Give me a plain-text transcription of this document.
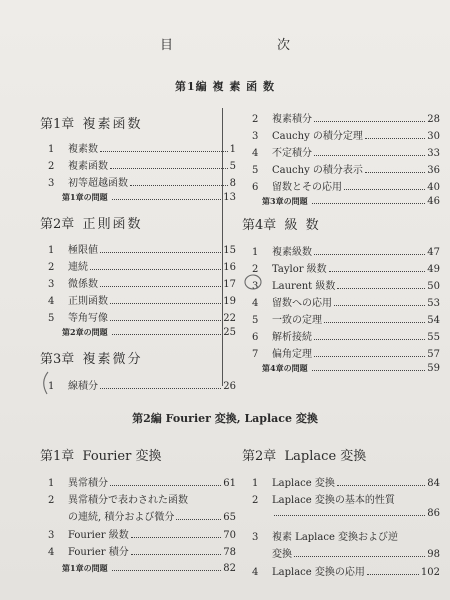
目	次
第1編 複 素 函 数
第1章 複素函数
1	複素数	1
2	複素函数	5
3	初等超越函数	8
第1章の問題	13
第2章 正則函数
1	極限値	15
2	連続	16
3	微係数	17
4	正則函数	19
5	等角写像	22
第2章の問題	25
第3章 複素微分
1	線積分	26
2	複素積分	28
3	Cauchy の積分定理	30
4	不定積分	33
5	Cauchy の積分表示	36
6	留数とその応用	40
第3章の問題	46
第4章 級 数
1	複素級数	47
2	Taylor 級数	49
3	Laurent 級数	50
4	留数への応用	53
5	一致の定理	54
6	解析接続	55
7	偏角定理	57
第4章の問題	59
第2編 Fourier 変換, Laplace 変換
第1章 Fourier 変換
1	異常積分	61
2	異常積分で表わされた函数
の連続, 積分および微分	65
3	Fourier 級数	70
4	Fourier 積分	78
第1章の問題	82
第2章 Laplace 変換
1	Laplace 変換	84
2	Laplace 変換の基本的性質
86
3	複素 Laplace 変換および逆
変換	98
4	Laplace 変換の応用	102
